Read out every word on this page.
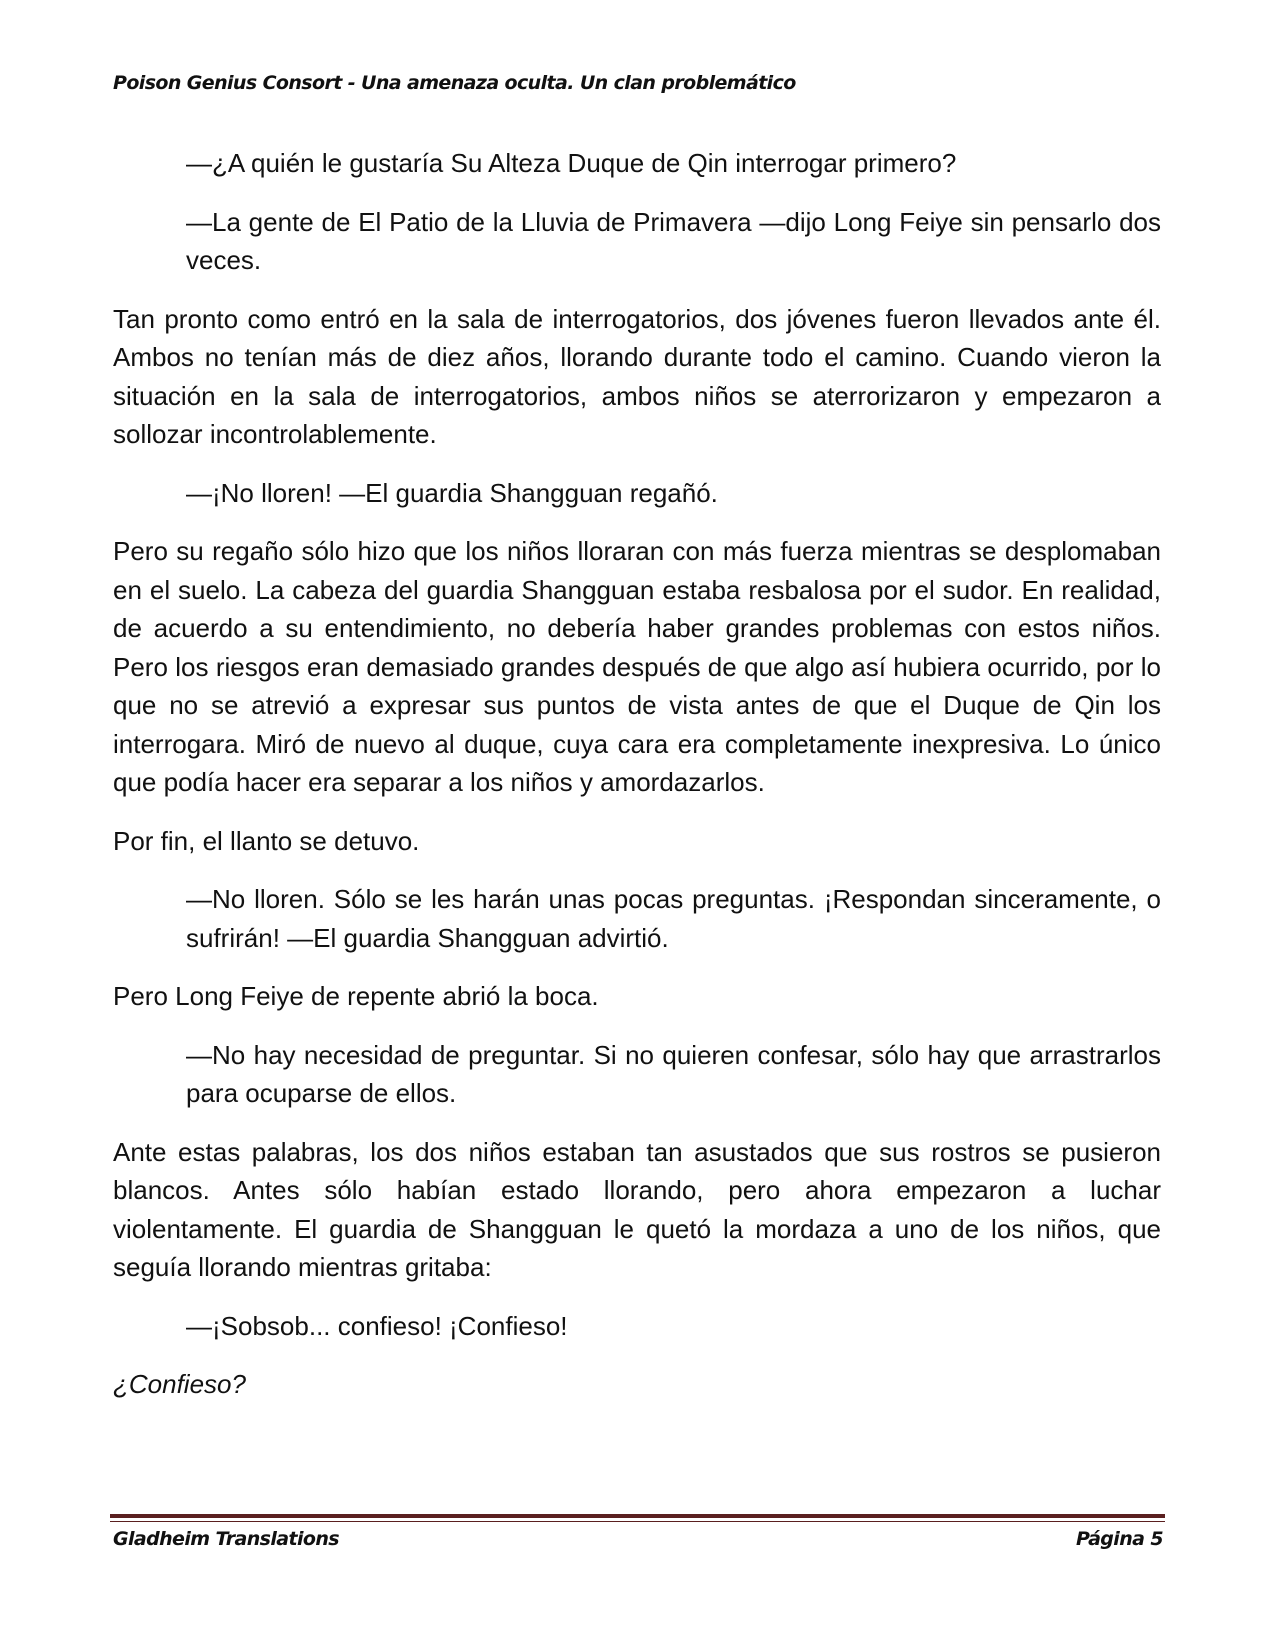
Poison Genius Consort - Una amenaza oculta. Un clan problemático

—¿A quién le gustaría Su Alteza Duque de Qin interrogar primero?

—La gente de El Patio de la Lluvia de Primavera —dijo Long Feiye sin pensarlo dos veces.

Tan pronto como entró en la sala de interrogatorios, dos jóvenes fueron llevados ante él. Ambos no tenían más de diez años, llorando durante todo el camino. Cuando vieron la situación en la sala de interrogatorios, ambos niños se aterrorizaron y empezaron a sollozar incontrolablemente.

—¡No lloren! —El guardia Shangguan regañó.

Pero su regaño sólo hizo que los niños lloraran con más fuerza mientras se desplomaban en el suelo. La cabeza del guardia Shangguan estaba resbalosa por el sudor. En realidad, de acuerdo a su entendimiento, no debería haber grandes problemas con estos niños. Pero los riesgos eran demasiado grandes después de que algo así hubiera ocurrido, por lo que no se atrevió a expresar sus puntos de vista antes de que el Duque de Qin los interrogara. Miró de nuevo al duque, cuya cara era completamente inexpresiva. Lo único que podía hacer era separar a los niños y amordazarlos.

Por fin, el llanto se detuvo.

—No lloren. Sólo se les harán unas pocas preguntas. ¡Respondan sinceramente, o sufrirán! —El guardia Shangguan advirtió.

Pero Long Feiye de repente abrió la boca.

—No hay necesidad de preguntar. Si no quieren confesar, sólo hay que arrastrarlos para ocuparse de ellos.

Ante estas palabras, los dos niños estaban tan asustados que sus rostros se pusieron blancos. Antes sólo habían estado llorando, pero ahora empezaron a luchar violentamente. El guardia de Shangguan le quetó la mordaza a uno de los niños, que seguía llorando mientras gritaba:

—¡Sobsob... confieso! ¡Confieso!

¿Confieso?

Gladheim Translations	Página 5
